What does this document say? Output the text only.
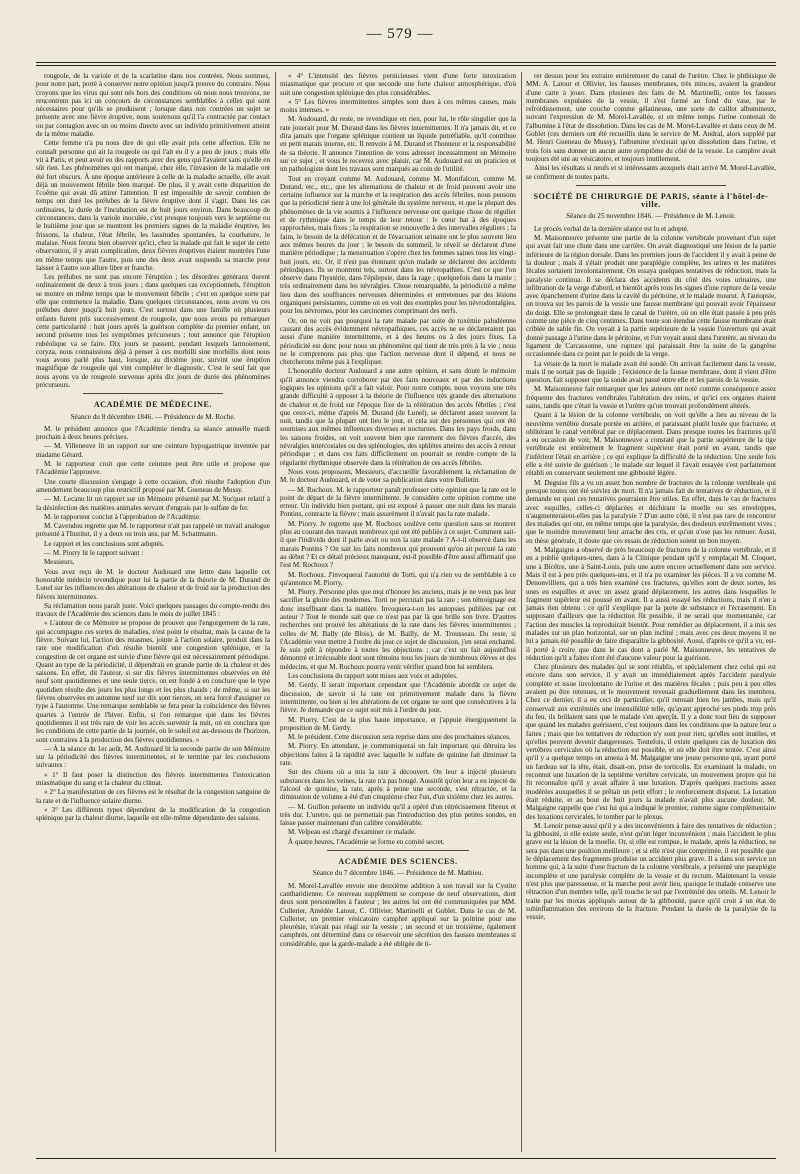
— 579 —

rougeole, de la variole et de la scarlatine dans nos contrées. Nous sommes, pour notre part, porté à conserver notre opinion jusqu'à preuve du contraire. Nous croyons que les virus qui sont nés hors des conditions où nous nous trouvons, ne rencontrent pas ici un concours de circonstances semblables à celles qui sont nécessaires pour qu'ils se produisent ; lorsque dans nos contrées un sujet se présente avec une fièvre éruptive, nous soutenons qu'il l'a contractée par contact ou par contagion avec un ou moins directe avec un individu primitivement atteint de la même maladie.

Cette femme n'a pu nous dire de qui elle avait pris cette affection. Elle ne connaît personne qui ait la rougeole ou qui l'ait eu il y a peu de jours ; mais elle vit à Paris, et peut avoir eu des rapports avec des gens qui l'avaient sans qu'elle en sût rien. Les phénomènes qui ont marqué, chez elle, l'invasion de la maladie ont été fort obscurs. À une époque antérieure à celle de la maladie actuelle, elle avait déjà un mouvement fébrile bien marqué. De plus, il y avait cette disparition de l'coême qui avait dû attirer l'attention. Il est impossible de savoir combien de temps ont duré les prélubes de la fièvre éruptive dont il s'agit. Dans les cas ordinaires, la durée de l'incubation est de huit jours environ. Dans beaucoup de circonstances, dans la variole inoculée, c'est presque toujours vers le septième ou le huitième jour que se montrent les premiers signes de la maladie éruptive, les frissons, la chaleur, l'état fébrile, les lassitudes spontanées, la courbature, le malaise. Nous ferons bien observer qu'ici, chez la malade qui fait le sujet de cette observation, il y avait complication, deux fièvres éruptives étaient montrées l'une en même temps que l'autre, puis une des deux avait suspendu sa marche pour laisser à l'autre son allure libre et franche.

Les prélubes ne sont pas encore l'éruption ; les désordres généraux durent ordinairement de deux à trois jours ; dans quelques cas exceptionnels, l'éruption se montre en même temps que le mouvement fébrile ; c'est en quelque sorte par elle que commence la maladie. Dans quelques circonstances, nous avons vu ces prélubes durer jusqu'à huit jours. C'est surtout dans une famille où plusieurs enfants furent pris successivement de rougeole, que nous avons pu remarquer cette particularité : huit jours après la guérison complète du premier enfant, un second présente tous les symptômes précurseurs ; tout annonce que l'éruption rubéolique va se faire. Dix jours se passent, pendant lesquels larmoiement, coryza, nous connaissions déjà à penser à ces morbilli sine morbillis dont nous vous avons parlé plus haut, lorsque, au dixième jour, survint une éruption magnifique de rougeole qui vint compléter le diagnostic. C'est le seul fait que nous ayons vu de rougeole survenue après dix jours de durée des phénomènes précurseurs.

ACADÉMIE DE MÉDECINE.
Séance du 8 décembre 1846. — Présidence de M. Roche.

M. le président annonce que l'Académie tiendra sa séance annuelle mardi prochain à deux heures précises.

— M. Villeneuve lit un rapport sur une ceinture hypogastrique inventée par madame Gérard.

M. le rapporteur croit que cette ceinture peut être utile et propose que l'Académie l'approuve.

Une courte discussion s'engage à cette occasion, d'où résulte l'adoption d'un amendement beaucoup plus restrictif proposé par M. Gueneau de Mussy.

— M. Lecanu lit un rapport sur un Mémoire présenté par M. Sucquet relatif à la désinfection des matières animales servant d'engrais par le sulfate de fer.

M. le rapporteur conclut à l'approbation de l'Académie.

M. Cavendou regrette que M. le rapporteur n'ait pas rappelé un travail analogue présenté à l'Institut, il y a deux ou trois ans, par M. Schattmann.

Le rapport et les conclusions sont adoptés.

— M. Piorry lit le rapport suivant :

Messieurs,

Vous avez reçu de M. le docteur Audouard une lettre dans laquelle cet honorable médecin revendique pour lui la partie de la théorie de M. Durand de Lunel sur les influences des altérations de chaleur et de froid sur la production des fièvres intermittentes.

Sa réclamation nous paraît juste. Voici quelques passages du compte-rendu des travaux de l'Académie des sciences dans le mois de juillet 1845 :

« L'auteur de ce Mémoire se propose de prouver que l'engorgement de la rate, qui accompagne ces sortes de maladies, n'est point le résultat, mais la cause de la fièvre. Suivant lui, l'action des miasmes, jointe à l'action solaire, produit dans la rate une modification d'où résulte bientôt une congestion splénique, et la congestion de cet organe est suivie d'une fièvre qui est nécessairement périodique. Quant au type de la périodicité, il dépendrait en grande partie de la chaleur et des saisons. En effet, dit l'auteur, si sur dix fièvres intermittentes observées en été neuf sont quotidiennes et une seule tierce, on est fondé à en conclure que le type quotidien résulte des jours les plus longs et les plus chauds ; de même, si sur les fièvres observées en automne neuf sur dix sont tierces, on sera forcé d'assigner ce type à l'automne. Une remarque semblable se fera pour la coïncidence des fièvres quartes à l'entrée de l'hiver. Enfin, si l'on remarque que dans les fièvres quotidiennes il est très rare de voir les accès survenir la nuit, on en conclura que les conditions de cette partie de la journée, où le soleil est au-dessous de l'horizon, sont contraires à la production des fièvres quotidiennes. »

— À la séance du 1er août, M. Audouard lit la seconde partie de son Mémoire sur la périodicité des fièvres intermittentes, et le termine par les conclusions suivantes :

« 1° Il faut poser la distinction des fièvres intermittentes l'intoxication miasmatique du sang et la chaleur du climat.

« 2° La manifestation de ces fièvres est le résultat de la congestion sanguine de la rate et de l'influence solaire diurne.

« 3° Les différents types dépendent de la modification de la congestion splénique par la chaleur diurne, laquelle est elle-même dépendante des saisons.

« 4° L'intensité des fièvres pernicieuses vient d'une forte intoxication miasmatique que procure et que seconde une forte chaleur atmosphérique, d'où suit une congestion splénique des plus considérables.

« 5° Les fièvres intermittentes simples sont dues à ces mêmes causes, mais moins intenses. »

M. Audouard, du reste, ne revendique en rien, pour lui, le rôle singulier que la rate jouerait pour M. Durand dans les fièvres intermittentes. Il n'a jamais dit, et ce dira jamais que l'organe splénique contient un liquide putréfiable, qu'il contribue en petit marais interne, etc. Il renvoie à M. Durand et l'honneur et la responsabilité de sa théorie. Il annonce l'intention de vous adresser incessamment un Mémoire sur ce sujet ; et vous le recevrez avec plaisir, car M. Audouard est un praticien et un pathologiste dont les travaux sont marqués au coin de l'utilité.

Tout en croyant comme M. Audouard, comme M. Montfalcon, comme M. Durand, etc., etc., que les alternations de chaleur et de froid peuvent avoir une certaine influence sur la marche et la respiration des accès fébriles, nous pensons que la périodicité tient à une loi générale du système nerveux, et que la plupart des phénomènes de la vie soumis à l'influence nerveuse ont quelque chose de régulier et de rythmique dans le temps de leur retour : le cœur bat à des époques rapprochées, mais fixes ; la respiration se renouvelle à des intervalles réguliers ; la faim, le besoin de la défécation et de l'évacuation urinaire ont le plus souvent lieu aux mêmes heures du jour ; le besoin du sommeil, le réveil se déclarent d'une manière périodique ; la menstruation s'opère chez les femmes saines tous les vingt-huit jours, etc. Or, il n'est pas étonnant qu'on malade se déclarent des accidents périodiques. Ils se montrent tels, surtout dans les névropathies. C'est ce que l'on observe dans l'hystérie, dans l'épilepsie, dans la rage ; quelquefois dans la manie ; très ordinairement dans les névralgies. Chose remarquable, la périodicité a même lieu dans des souffrances nerveuses déterminées et entretenues par des lésions organiques persistantes, comme on en voit des exemples pour les névrodontalgies, pour les névromes, pour les carcinomes comprimant des nerfs.

Or, on ne voit pas pourquoi la rate malade par suite de toxémie paludéenne causant des accès évidemment névropathiques, ces accès ne se déclareraient pas aussi d'une manière intermittente, et à des heures ou à des jours fixes. La périodicité est donc pour nous un phénomène qui tient de très près à la vie ; nous ne le comprenons pas plus que l'action nerveuse dont il dépend, et nous ne chercherons même pas à l'expliquer.

L'honorable docteur Audouard a une autre opinion, et sans doute le mémoire qu'il annonce viendra corroborer par des faits nouveaux et par des inductions logiques les opinions qu'il a fait valoir. Pour notre compte, nous voyons une très grande difficulté à opposer à la théorie de l'influence très grande des alternations de chaleur et de froid sur l'époque fixe de la réitération des accès fébriles ; c'est que ceux-ci, même d'après M. Durand (de Lunel), se déclarent assez souvent la nuit, tandis que la plupart ont lieu le jour, et cela sur des personnes qui ont été soumises aux mêmes influences diverses et nocturnes. Dans les pays froids, dans les saisons froides, on voit souvent bien que rarement des fièvres d'accès, des névralgies intercostales ou des splénologies, des sphlètes atteints des accès à retour périodique ; et dans ces faits difficilement on pourrait se rendre compte de la régularité rhythmique observée dans la réitération de ces accès fébriles.

Nous vous proposons, Messieurs, d'accueillir favorablement la réclamation de M. le docteur Audouard, et de voter sa publication dans votre Bulletin.

— M. Rochoux. M. le rapporteur paraît professer cette opinion que la rate est le point de départ de la fièvre intermittente. Je considère cette opinion comme une erreur. Un individu bien portant, qui est exposé à passer une nuit dans les marais Pontins, contracte la fièvre ; mais assurément il n'avait pas la rate malade.

M. Piorry. Je regrette que M. Rochoux soulève cette question sans se montrer plus au courant des travaux nombreux qui ont été publiés à ce sujet. Comment sait-il que l'individu dont il parle avait ou non la rate malade ? A-t-il observé dans les marais Pontins ? On sait les faits nombreux qui prouvent qu'on ait percuté la rate au début ? Et ce détail précieux manquant, est-il possible d'être aussi affirmatif que l'est M. Rochoux ?

M. Rochoux. J'invoquerai l'autorité de Torti, qui n'a rien vu de semblable à ce qu'annonce M. Piorry.

M. Piorry. Personne plus que moi n'honore les anciens, mais je ne veux pas leur sacrifier la gloire des modernes. Torti ne percutait pas la rate ; son témoignage est donc insuffisant dans la matière. Invoquera-t-on les autopsies publiées par cet auteur ? Tout le monde sait que ce n'est pas par là que brille son livre. D'autres recherches ont prouvé les altérations de la rate dans les fièvres intermittentes ; celles de M. Bally (de Blois), de M. Bailly, de M. Trousseau. Du reste, si l'Académie veut mettre à l'ordre du jour ce sujet de discussion, j'en serai enchanté. Je suis prêt à répondre à toutes les objections ; car c'est un fait aujourd'hui démontré et irrécusable dont sont témoins tous les jours de nombreux élèves et des médecins, et que M. Rochoux pourra venir vérifier quand bon lui semblera.

Les conclusions du rapport sont mises aux voix et adoptées.

M. Gerdy. Il serait important cependant que l'Académie abordât ce sujet de discussion, de savoir si la rate est primitivement malade dans la fièvre intermittente, ou bien si les altérations de cet organe ne sont que consécutives à la fièvre. Je demande que ce sujet soit mis à l'ordre du jour.

M. Piorry. C'est de la plus haute importance, et j'appuie énergiquement la proposition de M. Gerdy.

M. le président. Cette discussion sera reprise dans une des prochaines séances.

M. Piorry. En attendant, je communiquerai un fait important qui détruira les objections faites à la rapidité avec laquelle le sulfate de quinine fait diminuer la rate.

Sur des chiens où a mis la rate à découvert. On leur a injecté plusieurs substances dans les veines, la rate n'a pas bougé. Aussitôt qu'on leur a eu injecté de l'alcool de quinine, la rate, après à peine une seconde, s'est rétractée, et la diminution de volume a été d'un cinquième chez l'un, d'un sixième chez les autres.

— M. Guillon présente un individu qu'il a opéré d'un rétrécissement fibreux et très dur. L'uretre, qui ne permettait pas l'introduction des plus petites sondes, en laisse passer maintenant d'un calibre considérable.

M. Velpeau est chargé d'examiner ce malade.

À quatre heures, l'Académie se forme en comité secret.

ACADÉMIE DES SCIENCES.
Séance du 7 décembre 1846. — Présidence de M. Mathieu.

M. Morel-Lavallée envoie une deuxième addition à son travail sur la Cystite cantharidienne. Ce nouveau supplément se compose de neuf observations, dont deux sont personnelles à l'auteur ; les autres lui ont été communiquées par MM. Cullerier, Amédée Latour, C. Ollivier, Martinelli et Goblet. Dans le cas de M. Cullerier, un premier vésicatoire camphré appliqué sur la poitrine pour une pleurésie, n'avait pas réagi sur la vessie ; un second et un troisième, également camphrés, ont déterminé dans ce réservoir une sécrétion des fausses membranes si considérable, que la garde-malade a été obligée de ti-

rer dessus pour les extraire entièrement du canal de l'urètre. Chez le phthisique de MM. A. Latour et Ollivier, les fausses membranes, très minces, avaient la grandeur d'une carte à jouer. Dans plusieurs des faits de M. Martinelli, outre les fausses membranes expulsées de la vessie, il s'est formé au fond du vase, par le refroidissement, une couche comme gélatineuse, une sorte de caillot albumineux, suivant l'expression de M. Morel-Lavallée, et en même temps l'urine contenait de l'albumine à l'état de dissolution. Dans les cas de M. Morel-Lavallée et dans ceux de M. Goblet (ces derniers ont été recueillis dans le service de M. Andral, alors suppléé par M. Henri Gueneau de Mussy), l'albumine n'existait qu'en dissolution dans l'urine, et trois fois sans donner un aucun autre symptôme du côté de la vessie. Le camphre avait toujours été uni au vésicatoire, et toujours inutilement.

Ainsi les résultats si neufs et si intéressants auxquels était arrivé M. Morel-Lavallée, se confirment de toutes parts.

SOCIÉTÉ DE CHIRURGIE DE PARIS, séante à l'hôtel-de-ville.
Séance du 25 novembre 1846. — Présidence de M. Lenoir.

Le procès verbal de la dernière séance est lu et adopté.

M. Maisonneuve présente une partie de la colonne vertébrale provenant d'un sujet qui avait fait une chute dans une carrière. On avait diagnostiqué une lésion de la partie inférieure de la région dorsale. Dans les premiers jours de l'accident il y avait à peine de la douleur ; mais il s'était produit une paraplégie complète, les urines et les matières fécales sortaient involontairement. On essaya quelques tentatives de réduction, mais la paralysie continua. Il se déclara des accidents du côté des voies urinaires, une infiltration de la verge d'abord, et bientôt après tous les signes d'une rupture de la vessie avec épanchement d'urine dans la cavité du péritoine, et le malade mourut. À l'autopsie, on trouva sur les parois de la vessie une fausse membrane qui pouvait avoir l'épaisseur du doigt. Elle se prolongeait dans le canal de l'urètre, où on elle était passée à peu près comme une pièce de cinq centimes. Dans toute son étendue cette fausse membrane était criblée de sable fin. On voyait à la partie supérieure de la vessie l'ouverture qui avait donné passage à l'urine dans le péritoine, et l'on voyait aussi dans l'uretère, au niveau du ligament de Carcassonne, une rupture qui paraissait être la suite de la gangrène occasionnée dans ce point par le poids de la verge.

La vessie de la mort le malade avait été sondé. On arrivait facilement dans la vessie, mais il ne sortait pas de liquide ; l'existence de la fausse membrane, dont il vient d'être question, fait supposer que la sonde avait passé entre elle et les parois de la vessie.

M. Maisonneuve fait remarquer que les auteurs ont noté comme conséquence assez fréquente des fractures vertébrales l'altération des reins, et qu'ici ces organes étaient sains, tandis que c'était la vessie et l'urètre qu'on trouvait profondément altérés.

Quant à la lésion de la colonne vertébrale, on voit qu'elle a lieu au niveau de la neuvième vertèbre dorsale portée en arrière, et paraissant plutôt luxée que fracturée, et oblitérant le canal vertébral par ce déplacement. Dans presque toutes les fractures qu'il a eu occasion de voir, M. Maisonneuve a constaté que la partie supérieure de la tige vertébrale est entièrement le fragment supérieur était porté en avant, tandis que l'inférieur l'était en arrière ; ce qui explique la difficulté de la réduction. Une seule fois elle a été suivie de guérison ; le malade sur lequel il l'avait essayée s'est parfaitement rétabli en conservant seulement une gibbosité légère.

M. Deguise fils a vu un assez bon nombre de fractures de la colonne vertébrale qui presque toutes ont été suivies de mort. Il n'a jamais fait de tentatives de réduction, et il demande en quoi ces tentatives pourraient être utiles. En effet, dans le cas de fractures avec esquilles, celles-ci déplacées et déchirant la moelle ou ses enveloppes, n'augmenteraient-elles pas la paralysie ? D'un autre côté, il n'est pas rare de rencontrer des malades qui ont, en même temps que la paralysie, des douleurs extrêmement vives ; que le moindre mouvement leur arrache des cris, et qu'on n'ose pas les remuer. Aussi, en thèse générale, il doute que ces essais de réduction soient un bon moyen.

M. Malgaigne a observé de près beaucoup de fractures de la colonne vertébrale, et il en a publié quelques-unes, dans à la Clinique pendant qu'il y remplaçait M. Cloquet, une à Bicêtre, une à Saint-Louis, puis une autre encore actuellement dans son service. Mais il est à peu près quelques-uns, et il n'a pu examiner les pièces. Il a vu comme M. Denonvilliers, qui a très bien examiné ces fractures, qu'elles sont de deux sortes, les unes en esquilles et avec un assez grand déplacement, les autres dans lesquelles le fragment supérieur est poussé en avant. Il a aussi essayé les réductions, mais il n'en a jamais rien obtenu : ce qu'il s'explique par la perte de substance et l'écrasement. En supposant d'ailleurs que la réduction fût possible, il ne serait que momentanée, car l'action des muscles la reproduirait bientôt. Pour remédier au déplacement, il a mis ses malades sur un plan horizontal, sur un plan incliné ; mais avec ces deux moyens il ne lui a jamais été possible de faire disparaître la gibbosité. Aussi, d'après ce qu'il a vu, est-il porté à croire que dans le cas dont a parlé M. Maisonneuve, les tentatives de réduction qu'il a faites n'ont été d'aucune valeur pour la guérison.

Chez plusieurs des malades qui se sont rétablis, et spécialement chez celui qui est encore dans son service, il y avait un immédiatement après l'accident paralysie complète et issue involontaire de l'urine et des matières fécales ; puis peu à peu elles avaient pu être retenues, et le mouvement revenait graduellement dans les membres. Chez ce dernier, il a eu ceci de particulier, qu'il remuait bien les jambes, mais qu'il conservait aux extrémités une insensibilité telle, qu'ayant approché ses pieds trop près du feu, ils brûlaient sans que le malade s'en aperçût. Il y a donc tout lieu de supposer que quand les malades guérissent, c'est toujours dans les conditions que la nature leur a faites ; mais que les tentatives de réduction n'y sont pour rien, qu'elles sont inutiles, et qu'elles peuvent devenir dangereuses. Toutefois, il existe quelques cas de luxation des vertèbres cervicales où la réduction est possible, et où elle doit être tentée. C'est ainsi qu'il y a quelque temps on amena à M. Malgaigne une jeune personne qui, ayant porté un fardeau sur la tête, était, disait-on, prise de torticolis. En examinant la malade, on reconnut une luxation de la septième vertèbre cervicale, un mouvement propre qui lui fit reconnaître qu'il y avait affaire à une luxation. D'après quelques tractions assez modérées auxquelles il se prêtait un petit effort ; le renforcement disparut. La luxation était réduite, et au bout de huit jours la malade n'avait plus aucune douleur. M. Malgaigne rappelle que c'est lui qui a indiqué le premier, comme signe complémentaire des luxations cervicales, le tomber par le plexus.

M. Lenoir pense aussi qu'il y a des inconvénients à faire des tentatives de réduction ; la gibbosité, si elle existe seule, n'est qu'un léger inconvénient ; mais l'accident le plus grave est la lésion de la moelle. Or, si elle est rompue, le malade, après la réduction, ne sera pas dans une position meilleure ; et si elle n'est que comprimée, il est possible que le déplacement des fragments produise un accident plus grave. Il a dans son service un homme qui, à la suite d'une fracture de la colonne vertébrale, a présenté une paraplégie incomplète et une paralysie complète de la vessie et du rectum. Maintenant la vessie n'est plus que paresseuse, et la marche peut avoir lieu, quoique le malade conserve une rétraction d'un membre telle, qu'il touche le sol par l'extrémité des orteils. M. Lenoir le traite par les moxas appliqués autour de la gibbosité, parce qu'il croit à un état de subinflammation des environs de la fracture. Pendant la durée de la paralysie de la vessie,
